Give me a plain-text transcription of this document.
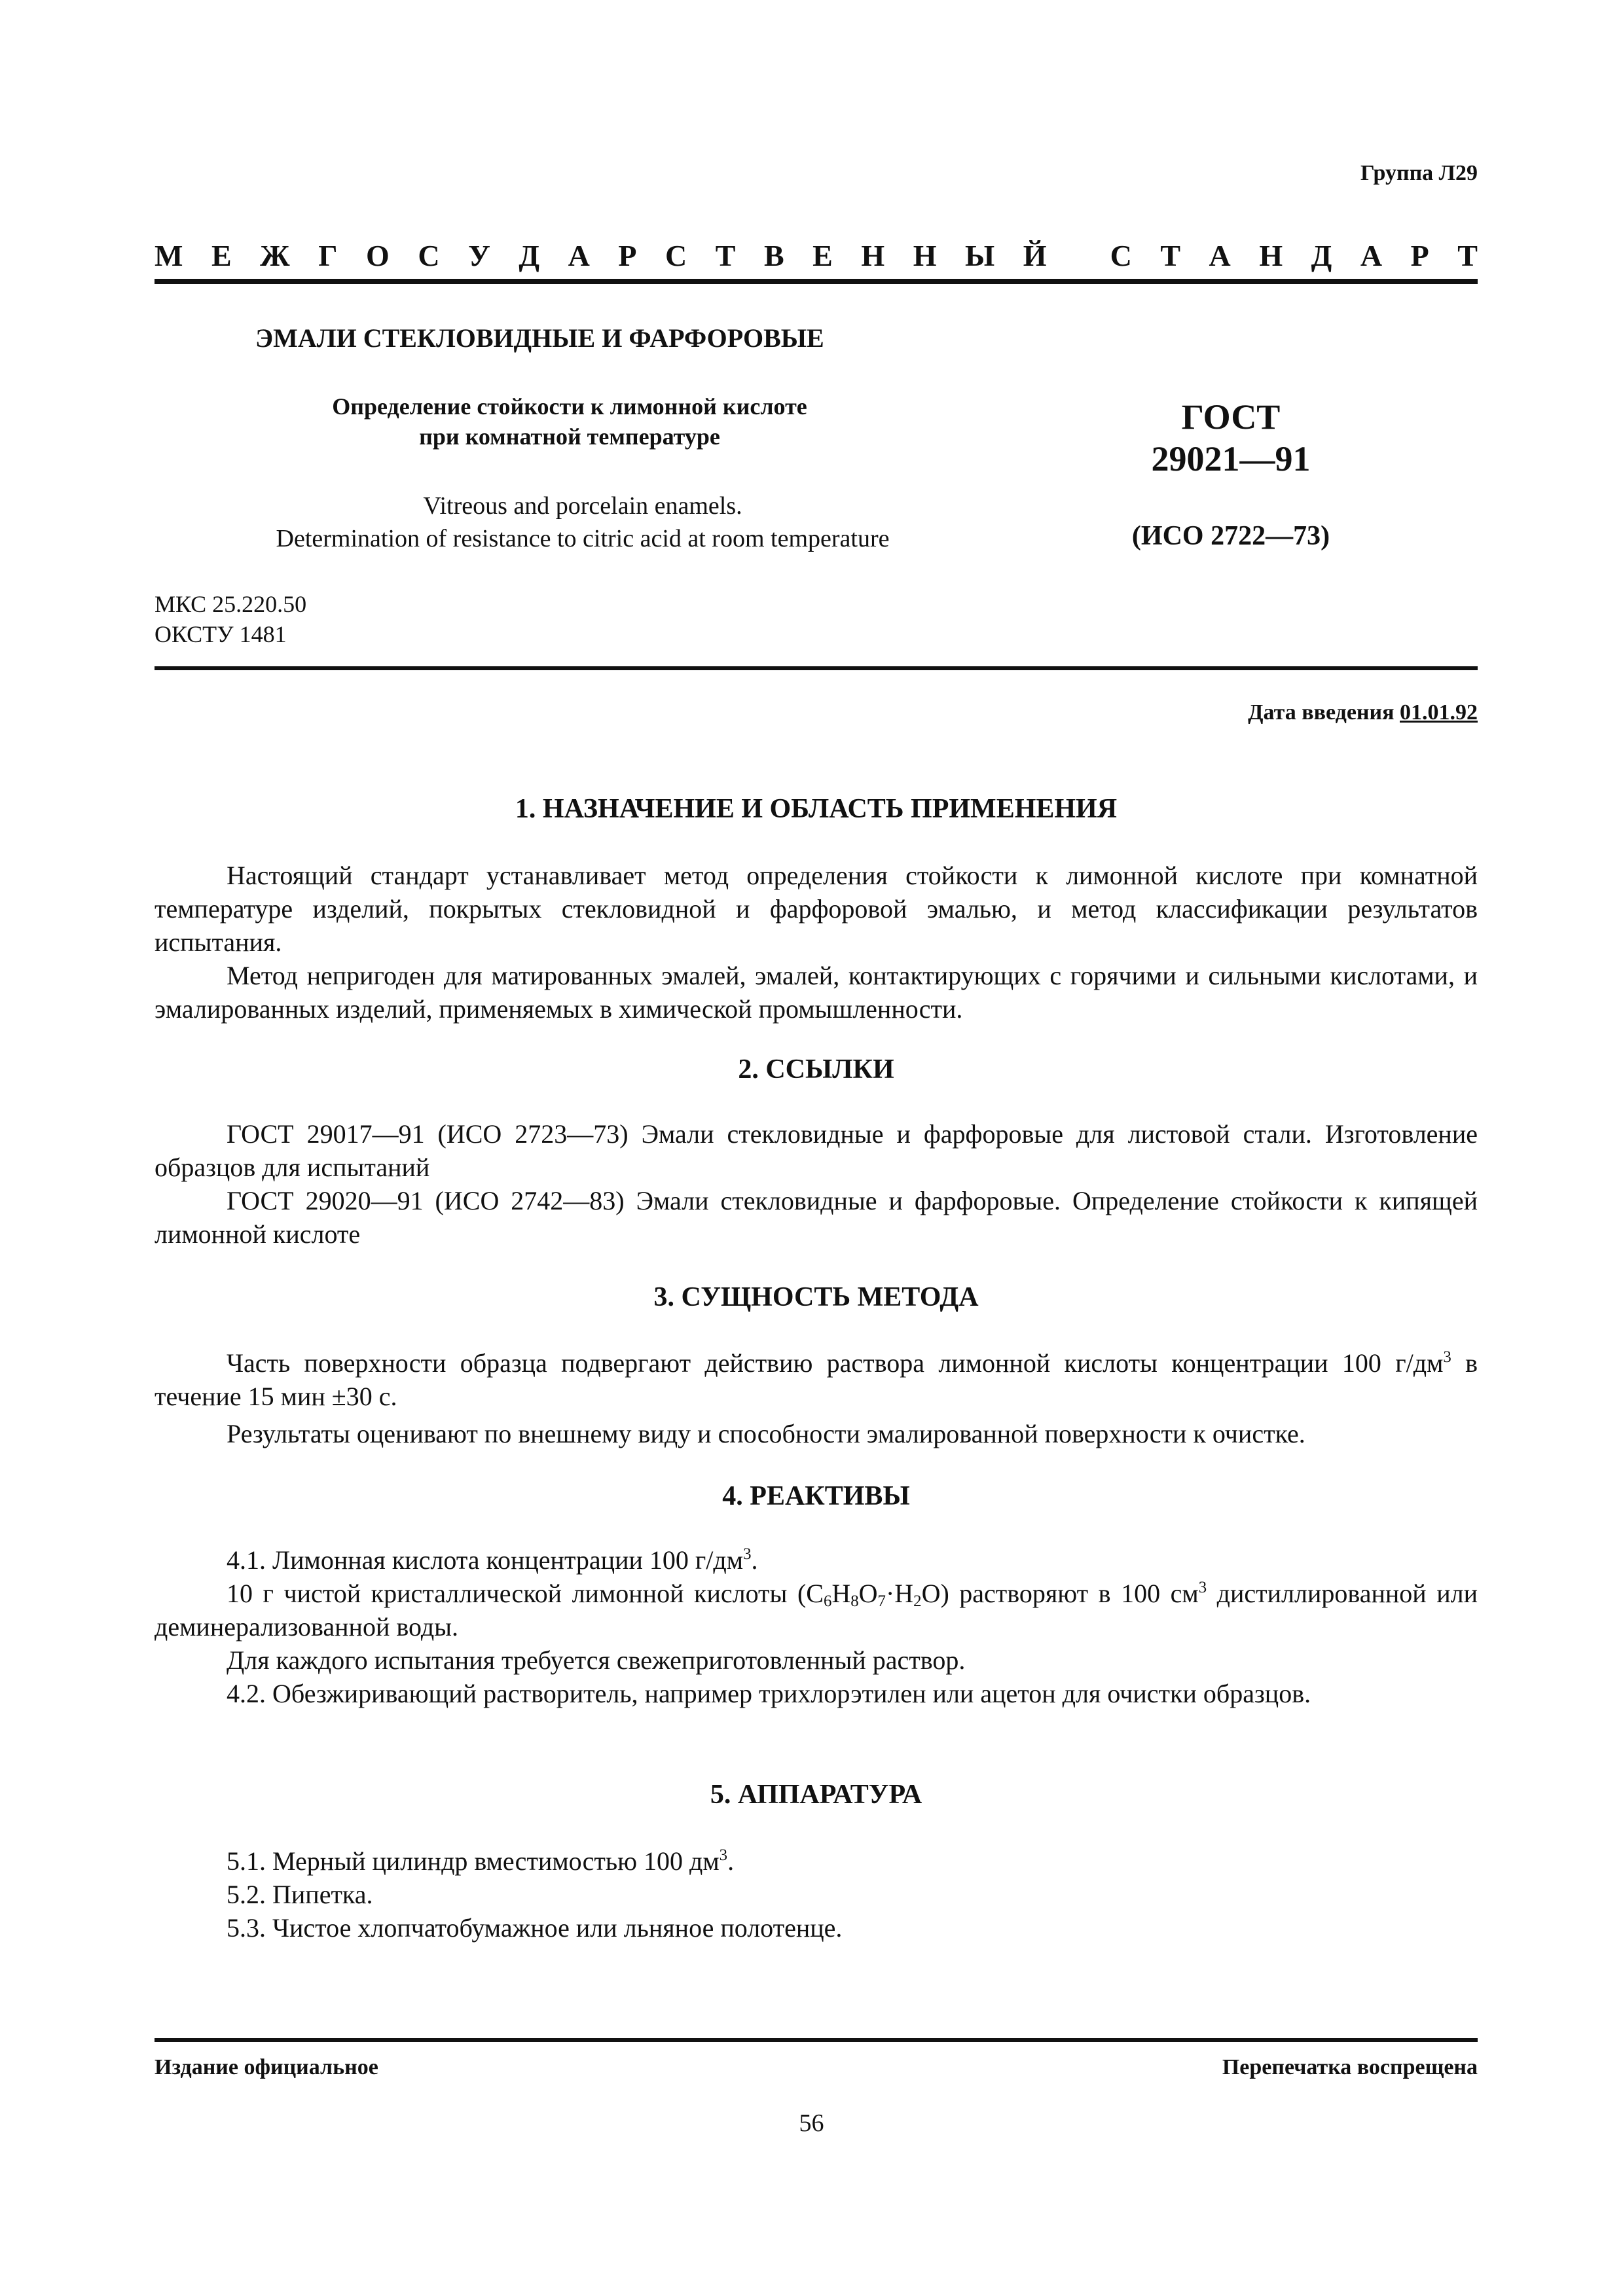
Группа Л29
М Е Ж Г О С У Д А Р С Т В Е Н Н Ы Й С Т А Н Д А Р Т
ЭМАЛИ СТЕКЛОВИДНЫЕ И ФАРФОРОВЫЕ
Определение стойкости к лимонной кислоте
при комнатной температуре
Vitreous and porcelain enamels.
Determination of resistance to citric acid at room temperature
ГОСТ
29021—91
(ИСО 2722—73)
МКС 25.220.50
ОКСТУ 1481
Дата введения 01.01.92
1. НАЗНАЧЕНИЕ И ОБЛАСТЬ ПРИМЕНЕНИЯ

Настоящий стандарт устанавливает метод определения стойкости к лимонной кислоте при комнатной температуре изделий, покрытых стекловидной и фарфоровой эмалью, и метод классификации результатов испытания.

Метод непригоден для матированных эмалей, эмалей, контактирующих с горячими и сильными кислотами, и эмалированных изделий, применяемых в химической промышленности.

2. ССЫЛКИ

ГОСТ 29017—91 (ИСО 2723—73) Эмали стекловидные и фарфоровые для листовой стали. Изготовление образцов для испытаний

ГОСТ 29020—91 (ИСО 2742—83) Эмали стекловидные и фарфоровые. Определение стойкости к кипящей лимонной кислоте

3. СУЩНОСТЬ МЕТОДА

Часть поверхности образца подвергают действию раствора лимонной кислоты концентрации 100 $г/дм^3$ в течение 15 мин ±30 с.

Результаты оценивают по внешнему виду и способности эмалированной поверхности к очистке.

4. РЕАКТИВЫ

4.1. Лимонная кислота концентрации 100 $г/дм^3$.

10 г чистой кристаллической лимонной кислоты $(C_6H_8O_7\cdot H_2O)$ растворяют в 100 $см^3$ дистиллированной или деминерализованной воды.

Для каждого испытания требуется свежеприготовленный раствор.

4.2. Обезжиривающий растворитель, например трихлорэтилен или ацетон для очистки образцов.

5. АППАРАТУРА

5.1. Мерный цилиндр вместимостью 100 $дм^3$.

5.2. Пипетка.

5.3. Чистое хлопчатобумажное или льняное полотенце.

Издание официальное	Перепечатка воспрещена
56
